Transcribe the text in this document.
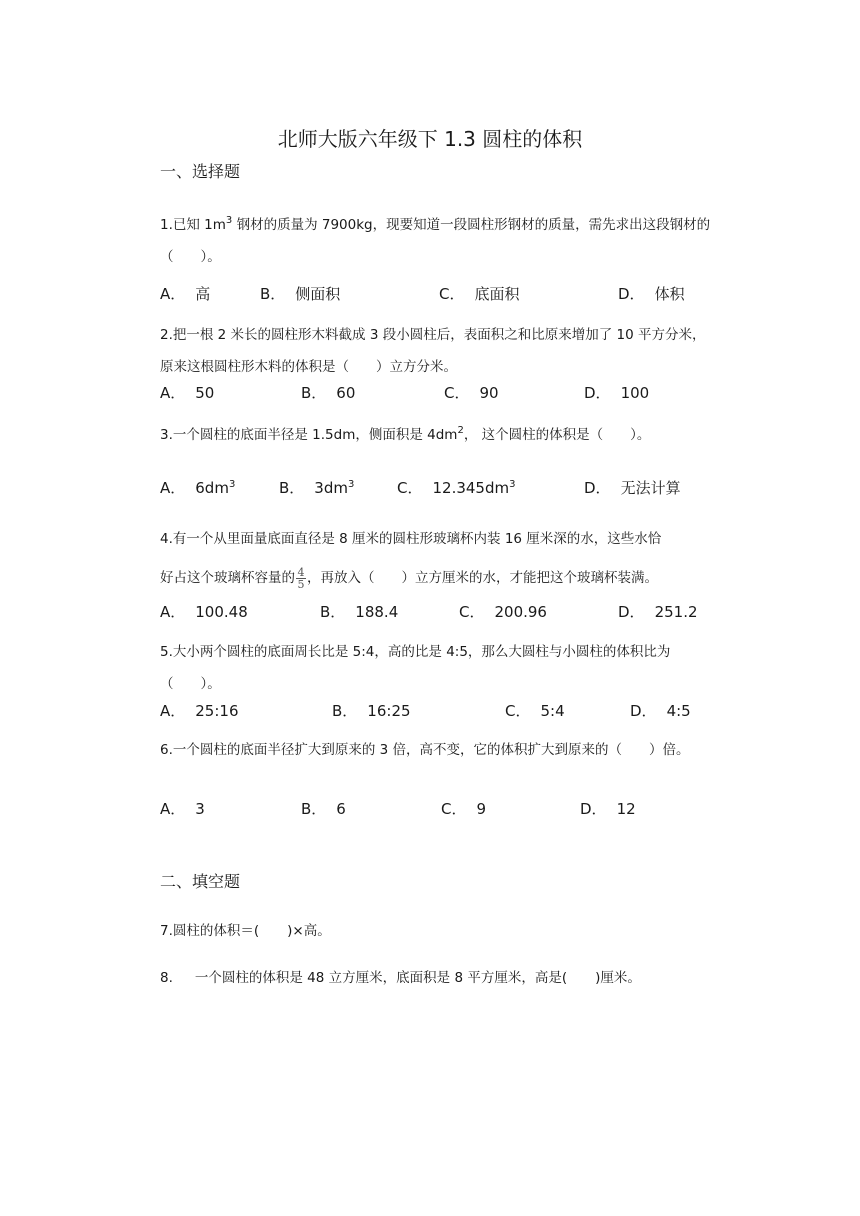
北师大版六年级下 1.3 圆柱的体积
一、选择题
1.已知 $1m^3$ 钢材的质量为 7900kg，现要知道一段圆柱形钢材的质量，需先求出这段钢材的（　　）。
A． 高	B． 侧面积	C． 底面积	D． 体积
2.把一根 2 米长的圆柱形木料截成 3 段小圆柱后，表面积之和比原来增加了 10 平方分米，原来这根圆柱形木料的体积是（　　）立方分米。
A． 50	B． 60	C． 90	D． 100
3.一个圆柱的底面半径是 1.5dm，侧面积是 $4dm^2$， 这个圆柱的体积是（　　）。
A． $6dm^3$	B． $3dm^3$	C． $12.345dm^3$	D． 无法计算
4.有一个从里面量底面直径是 8 厘米的圆柱形玻璃杯内装 16 厘米深的水，这些水恰
好占这个玻璃杯容量的 $\frac{4}{5}$ ，再放入（　　）立方厘米的水，才能把这个玻璃杯装满。
A． 100.48	B． 188.4	C． 200.96	D． 251.2
5.大小两个圆柱的底面周长比是 5:4，高的比是 4:5，那么大圆柱与小圆柱的体积比为（　　）。
A． 25:16	B． 16:25	C． 5:4	D． 4:5
6.一个圆柱的底面半径扩大到原来的 3 倍，高不变，它的体积扩大到原来的（　　）倍。
A． 3	B． 6	C． 9	D． 12
二、填空题
7.圆柱的体积＝( )×高。
8. 一个圆柱的体积是 48 立方厘米，底面积是 8 平方厘米，高是( )厘米。
